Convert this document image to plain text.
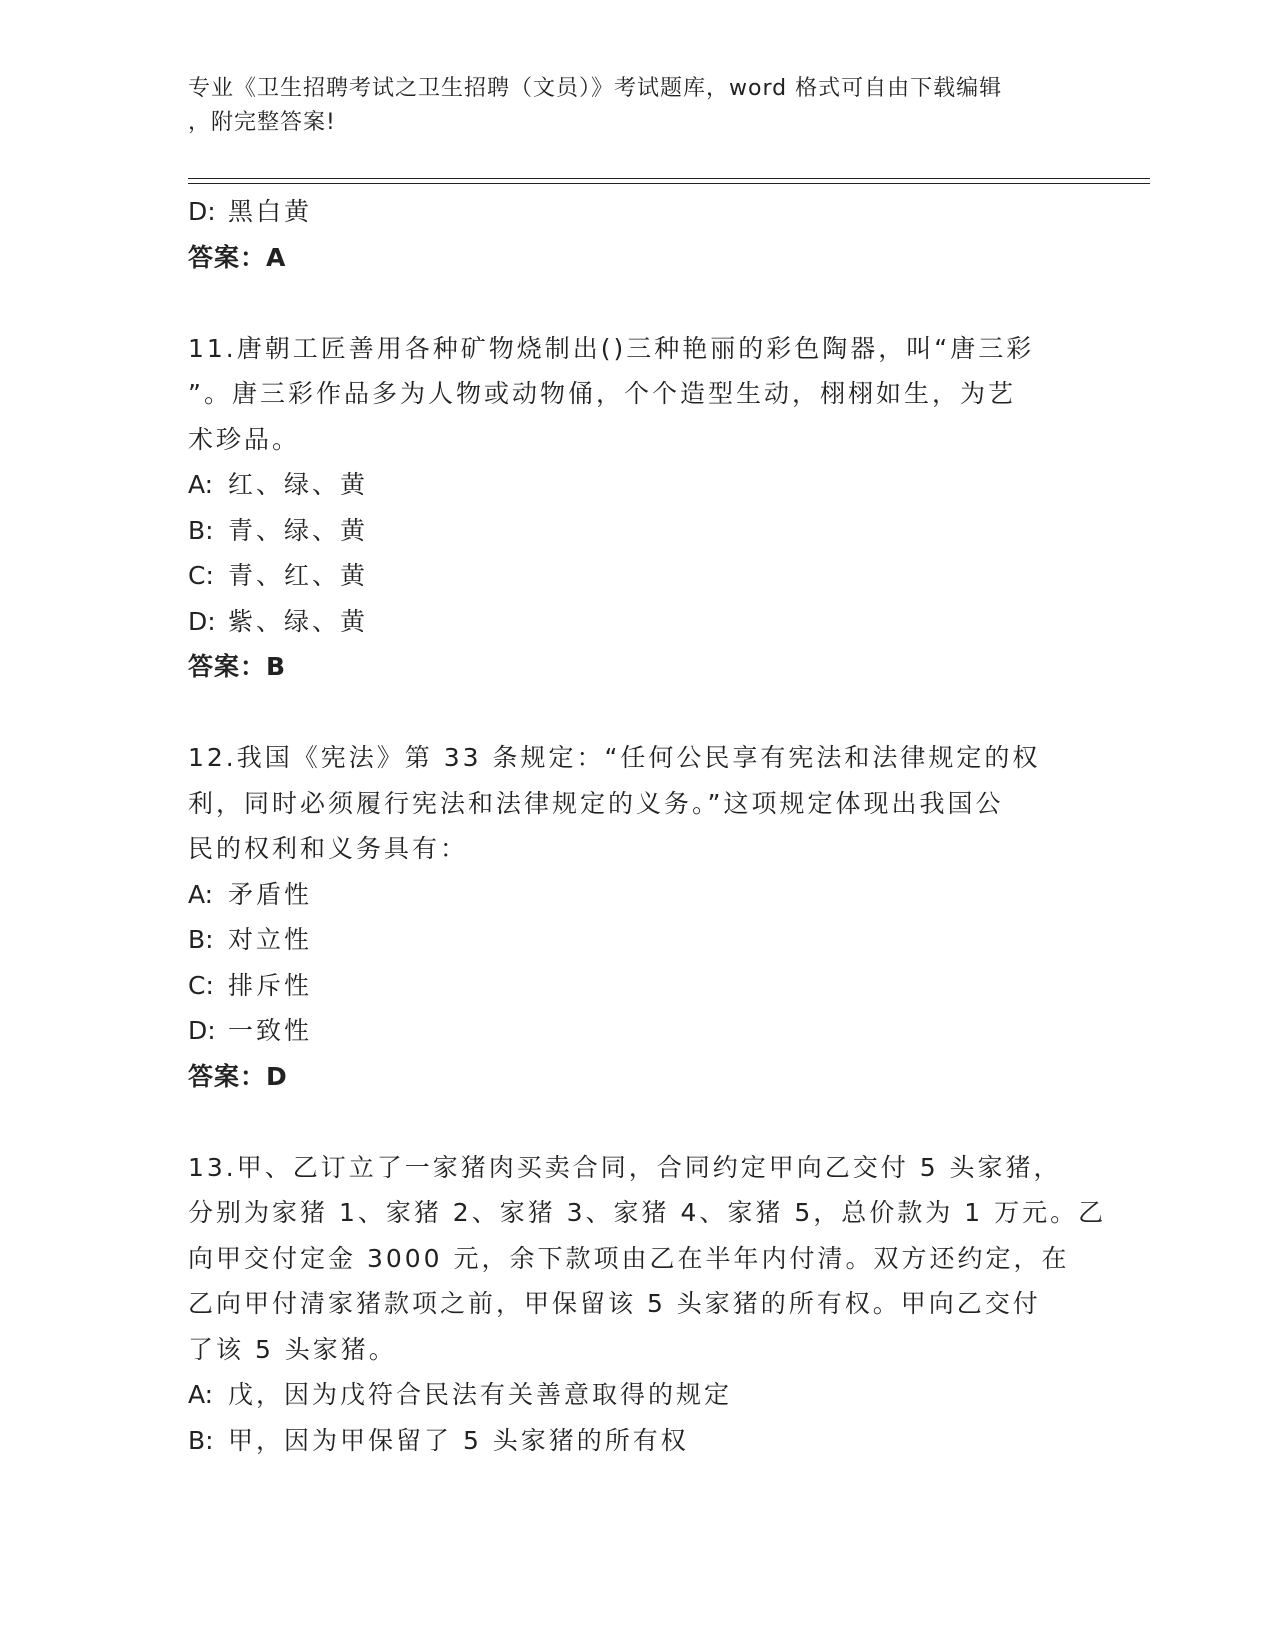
专业《卫生招聘考试之卫生招聘（文员）》考试题库，word 格式可自由下载编辑
，附完整答案!
D: 黑白黄
答案：A
11.唐朝工匠善用各种矿物烧制出()三种艳丽的彩色陶器，叫“唐三彩
”。唐三彩作品多为人物或动物俑，个个造型生动，栩栩如生，为艺
术珍品。
A: 红、绿、黄
B: 青、绿、黄
C: 青、红、黄
D: 紫、绿、黄
答案：B
12.我国《宪法》第 33 条规定：“任何公民享有宪法和法律规定的权
利，同时必须履行宪法和法律规定的义务。”这项规定体现出我国公
民的权利和义务具有：
A: 矛盾性
B: 对立性
C: 排斥性
D: 一致性
答案：D
13.甲、乙订立了一家猪肉买卖合同，合同约定甲向乙交付 5 头家猪，
分别为家猪 1、家猪 2、家猪 3、家猪 4、家猪 5，总价款为 1 万元。乙
向甲交付定金 3000 元，余下款项由乙在半年内付清。双方还约定，在
乙向甲付清家猪款项之前，甲保留该 5 头家猪的所有权。甲向乙交付
了该 5 头家猪。
A: 戊，因为戊符合民法有关善意取得的规定
B: 甲，因为甲保留了 5 头家猪的所有权
